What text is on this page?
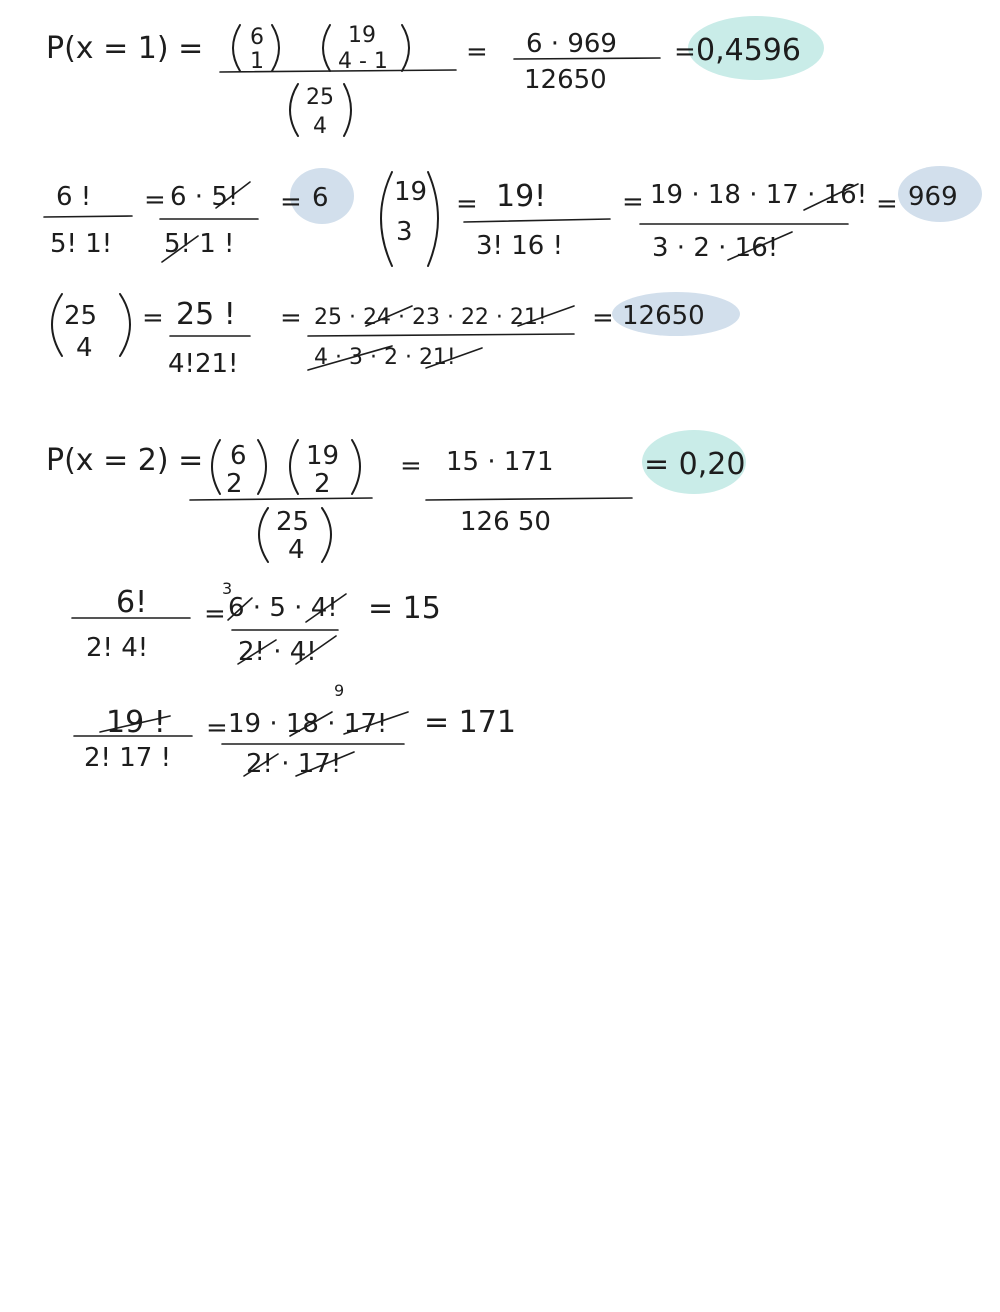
P(x = 1) = 6
1
19
4 - 1
25
4
= 6 · 969
12650
= 0,4596
6 !
5! 1!
= 6 · 5!
5! 1 !
= 6	19
3
= 19!
3! 16 !
= 19 · 18 · 17 · 16!
3 · 2 · 16!
= 969
25
4
= 25 !
4!21!
= 25 · 24 · 23 · 22 · 21!
4 · 3 · 2 · 21!
= 12650
P(x = 2) = 6
2
19
2
25
4
= 15 · 171
126 50
= 0,20
6!
2! 4!
=
3
6 · 5 · 4!
2! · 4!
= 15
19 !
2! 17 !
=
9
19 · 18 · 17!
2! · 17!
= 171
